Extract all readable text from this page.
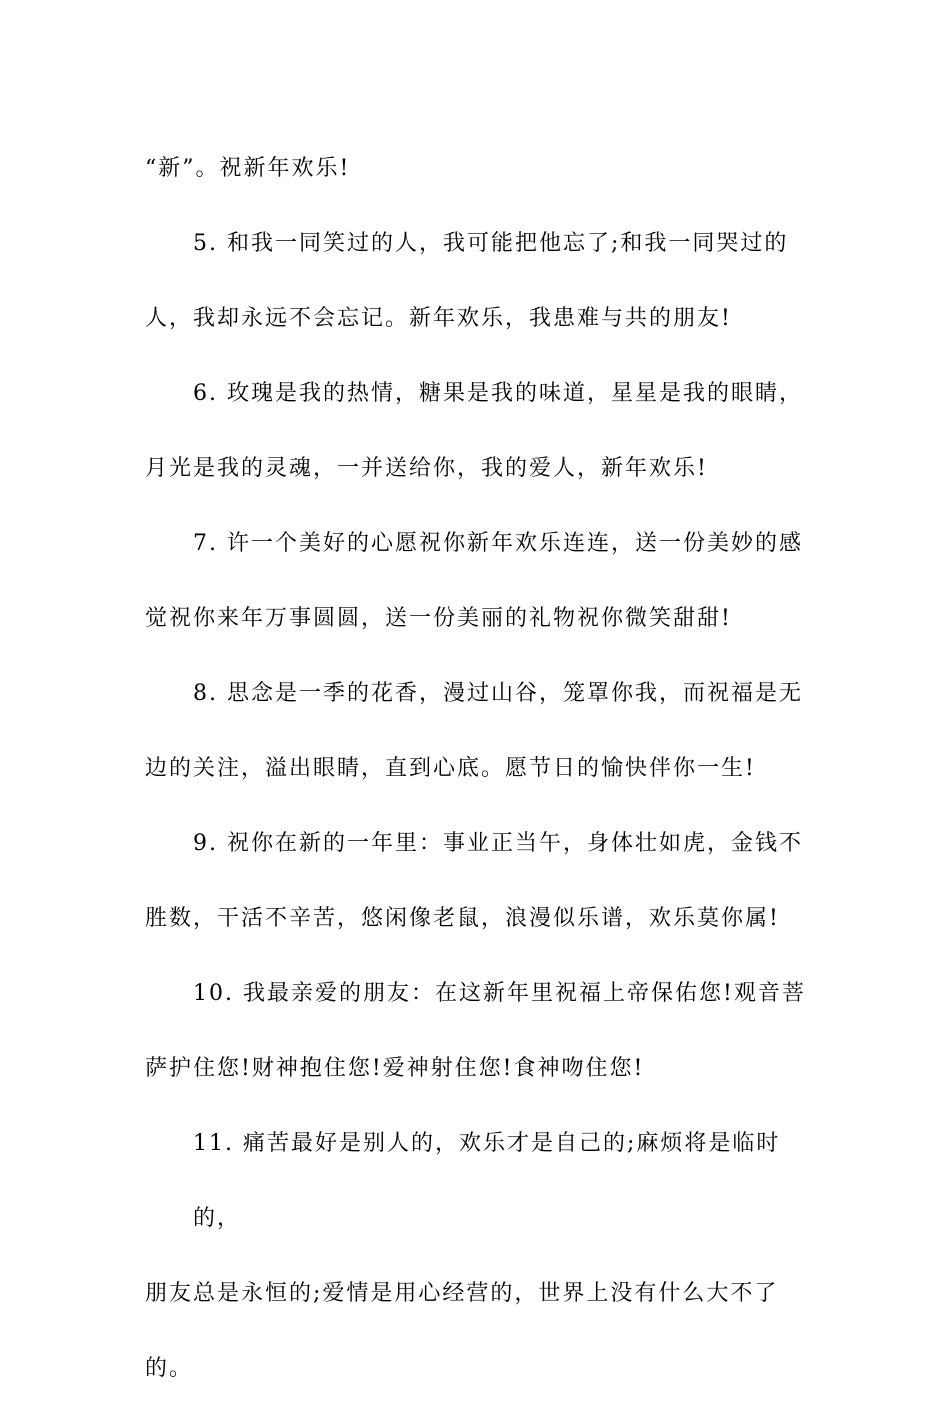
“新”。祝新年欢乐!

5. 和我一同笑过的人，我可能把他忘了;和我一同哭过的
人，我却永远不会忘记。新年欢乐，我患难与共的朋友!

6. 玫瑰是我的热情，糖果是我的味道，星星是我的眼睛，
月光是我的灵魂，一并送给你，我的爱人，新年欢乐!

7. 许一个美好的心愿祝你新年欢乐连连，送一份美妙的感
觉祝你来年万事圆圆，送一份美丽的礼物祝你微笑甜甜!

8. 思念是一季的花香，漫过山谷，笼罩你我，而祝福是无
边的关注，溢出眼睛，直到心底。愿节日的愉快伴你一生!

9. 祝你在新的一年里：事业正当午，身体壮如虎，金钱不
胜数，干活不辛苦，悠闲像老鼠，浪漫似乐谱，欢乐莫你属!

10. 我最亲爱的朋友：在这新年里祝福上帝保佑您!观音菩
萨护住您!财神抱住您!爱神射住您!食神吻住您!

11. 痛苦最好是别人的，欢乐才是自己的;麻烦将是临时的，
朋友总是永恒的;爱情是用心经营的，世界上没有什么大不了的。
